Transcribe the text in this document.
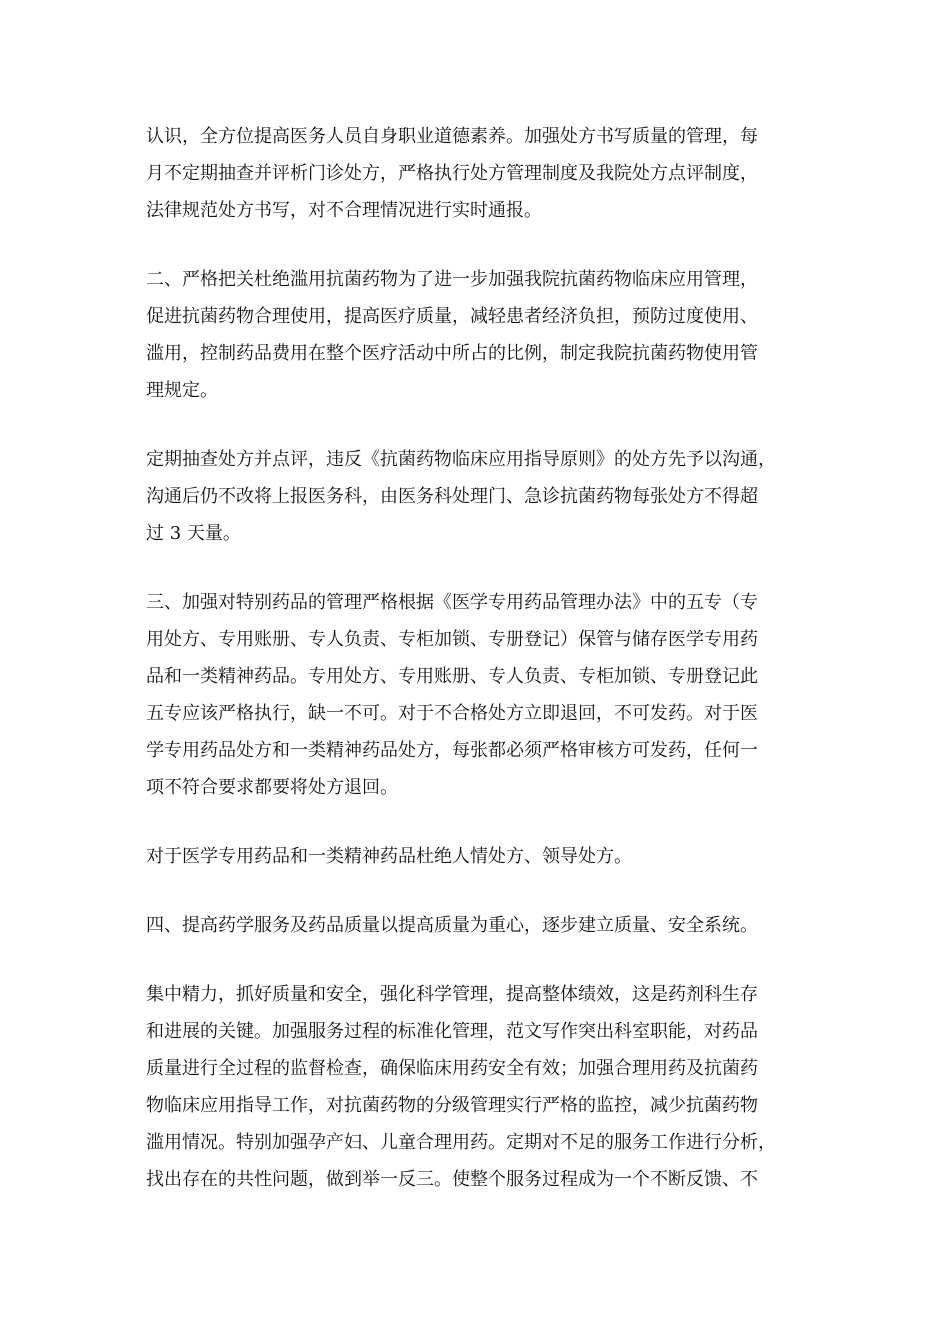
认识，全方位提高医务人员自身职业道德素养。加强处方书写质量的管理，每
月不定期抽查并评析门诊处方，严格执行处方管理制度及我院处方点评制度，
法律规范处方书写，对不合理情况进行实时通报。
二、严格把关杜绝滥用抗菌药物为了进一步加强我院抗菌药物临床应用管理，
促进抗菌药物合理使用，提高医疗质量，减轻患者经济负担，预防过度使用、
滥用，控制药品费用在整个医疗活动中所占的比例，制定我院抗菌药物使用管
理规定。
定期抽查处方并点评，违反《抗菌药物临床应用指导原则》的处方先予以沟通，
沟通后仍不改将上报医务科，由医务科处理门、急诊抗菌药物每张处方不得超
过 3 天量。
三、加强对特别药品的管理严格根据《医学专用药品管理办法》中的五专（专
用处方、专用账册、专人负责、专柜加锁、专册登记）保管与储存医学专用药
品和一类精神药品。专用处方、专用账册、专人负责、专柜加锁、专册登记此
五专应该严格执行，缺一不可。对于不合格处方立即退回，不可发药。对于医
学专用药品处方和一类精神药品处方，每张都必须严格审核方可发药，任何一
项不符合要求都要将处方退回。
对于医学专用药品和一类精神药品杜绝人情处方、领导处方。
四、提高药学服务及药品质量以提高质量为重心，逐步建立质量、安全系统。
集中精力，抓好质量和安全，强化科学管理，提高整体绩效，这是药剂科生存
和进展的关键。加强服务过程的标准化管理，范文写作突出科室职能，对药品
质量进行全过程的监督检查，确保临床用药安全有效；加强合理用药及抗菌药
物临床应用指导工作，对抗菌药物的分级管理实行严格的监控，减少抗菌药物
滥用情况。特别加强孕产妇、儿童合理用药。定期对不足的服务工作进行分析，
找出存在的共性问题，做到举一反三。使整个服务过程成为一个不断反馈、不
